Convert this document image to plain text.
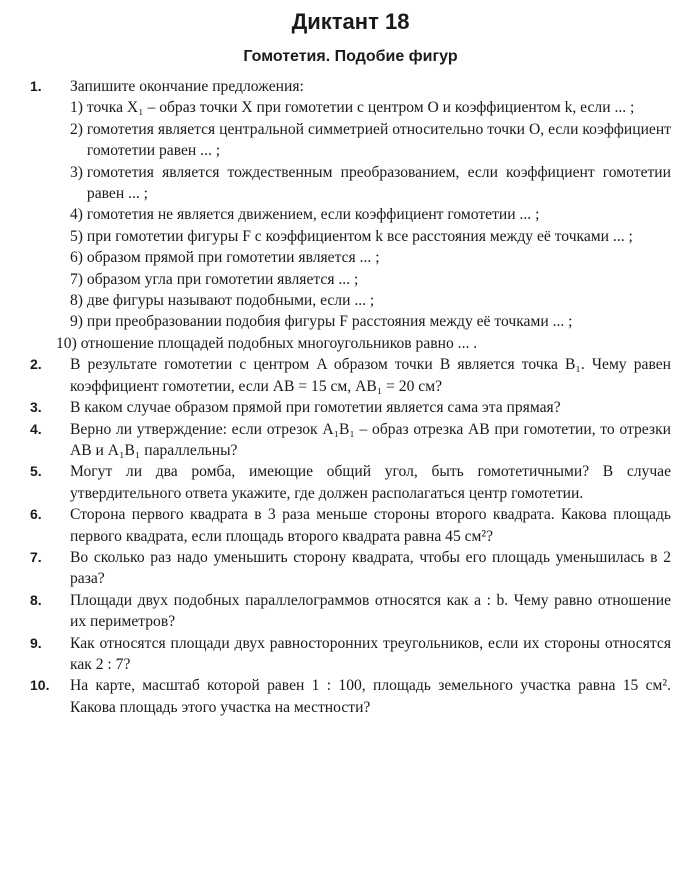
Диктант 18
Гомотетия. Подобие фигур
1.	Запишите окончание предложения:
1)
точка X₁ – образ точки X при гомотетии с центром O и коэффициентом k, если ... ;
2)
гомотетия является центральной симметрией относительно точки O, если коэффициент гомотетии равен ... ;
3)
гомотетия является тождественным преобразованием, если коэффициент гомотетии равен ... ;
4)
гомотетия не является движением, если коэффициент гомотетии ... ;
5)
при гомотетии фигуры F с коэффициентом k все расстояния между её точками ... ;
6)
образом прямой при гомотетии является ... ;
7)
образом угла при гомотетии является ... ;
8)
две фигуры называют подобными, если ... ;
9)
при преобразовании подобия фигуры F расстояния между её точками ... ;
10)
отношение площадей подобных многоугольников равно ... .
2.	В результате гомотетии с центром A образом точки B является точка B₁. Чему равен коэффициент гомотетии, если AB = 15 см, AB₁ = 20 см?
3.	В каком случае образом прямой при гомотетии является сама эта прямая?
4.	Верно ли утверждение: если отрезок A₁B₁ – образ отрезка AB при гомотетии, то отрезки AB и A₁B₁ параллельны?
5.	Могут ли два ромба, имеющие общий угол, быть гомотетичными? В случае утвердительного ответа укажите, где должен располагаться центр гомотетии.
6.	Сторона первого квадрата в 3 раза меньше стороны второго квадрата. Какова площадь первого квадрата, если площадь второго квадрата равна 45 см²?
7.	Во сколько раз надо уменьшить сторону квадрата, чтобы его площадь уменьшилась в 2 раза?
8.	Площади двух подобных параллелограммов относятся как a : b. Чему равно отношение их периметров?
9.	Как относятся площади двух равносторонних треугольников, если их стороны относятся как 2 : 7?
10.	На карте, масштаб которой равен 1 : 100, площадь земельного участка равна 15 см². Какова площадь этого участка на местности?
